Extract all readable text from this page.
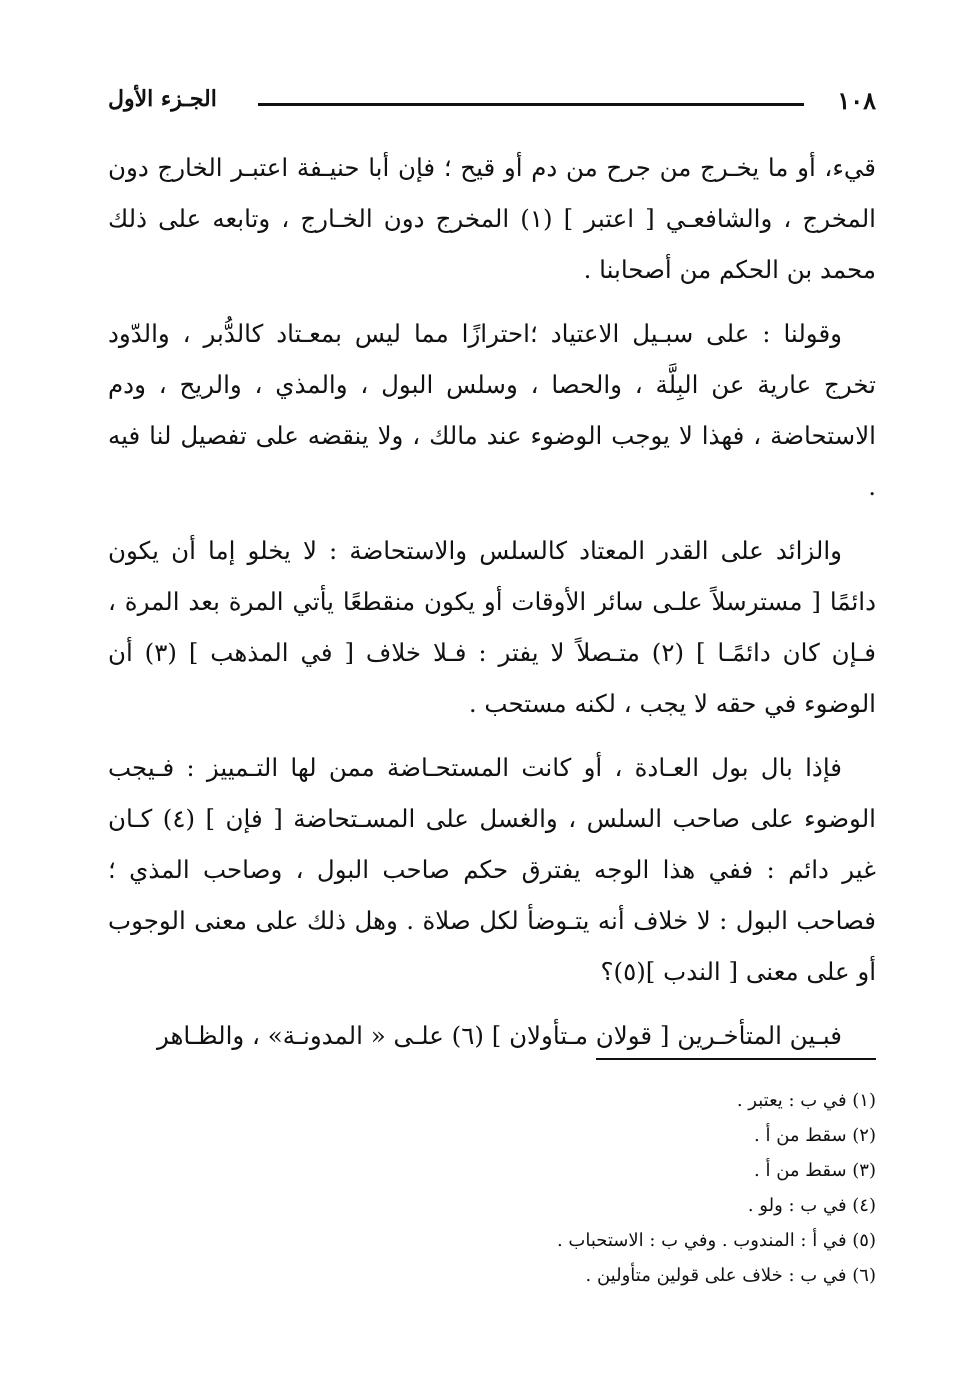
١٠٨
الجـزء الأول

قيء، أو ما يخـرج من جرح من دم أو قيح ؛ فإن أبا حنيـفة اعتبـر الخارج دون المخرج ، والشافعـي [ اعتبر ] (١) المخرج دون الخـارج ، وتابعه على ذلك محمد بن الحكم من أصحابنا .

وقولنا : على سبـيل الاعتياد ؛احترازًا مما ليس بمعـتاد كالدُّبر ، والدّود تخرج عارية عن البِلَّة ، والحصا ، وسلس البول ، والمذي ، والريح ، ودم الاستحاضة ، فهذا لا يوجب الوضوء عند مالك ، ولا ينقضه على تفصيل لنا فيه .

والزائد على القدر المعتاد كالسلس والاستحاضة : لا يخلو إما أن يكون دائمًا [ مسترسلاً علـى سائر الأوقات أو يكون منقطعًا يأتي المرة بعد المرة ، فـإن كان دائمًـا ] (٢) متـصلاً لا يفتر : فـلا خلاف [ في المذهب ] (٣) أن الوضوء في حقه لا يجب ، لكنه مستحب .

فإذا بال بول العـادة ، أو كانت المستحـاضة ممن لها التـمييز : فـيجب الوضوء على صاحب السلس ، والغسل على المسـتحاضة [ فإن ] (٤) كـان غير دائم : ففي هذا الوجه يفترق حكم صاحب البول ، وصاحب المذي ؛ فصاحب البول : لا خلاف أنه يتـوضأ لكل صلاة . وهل ذلك على معنى الوجوب أو على معنى [ الندب ](٥)؟

فبـين المتأخـرين [ قولان مـتأولان ] (٦) علـى « المدونـة» ، والظـاهر

(١) في ب : يعتبر .
(٢) سقط من أ .
(٣) سقط من أ .
(٤) في ب : ولو .
(٥) في أ : المندوب . وفي ب : الاستحباب .
(٦) في ب : خلاف على قولين متأولين .
